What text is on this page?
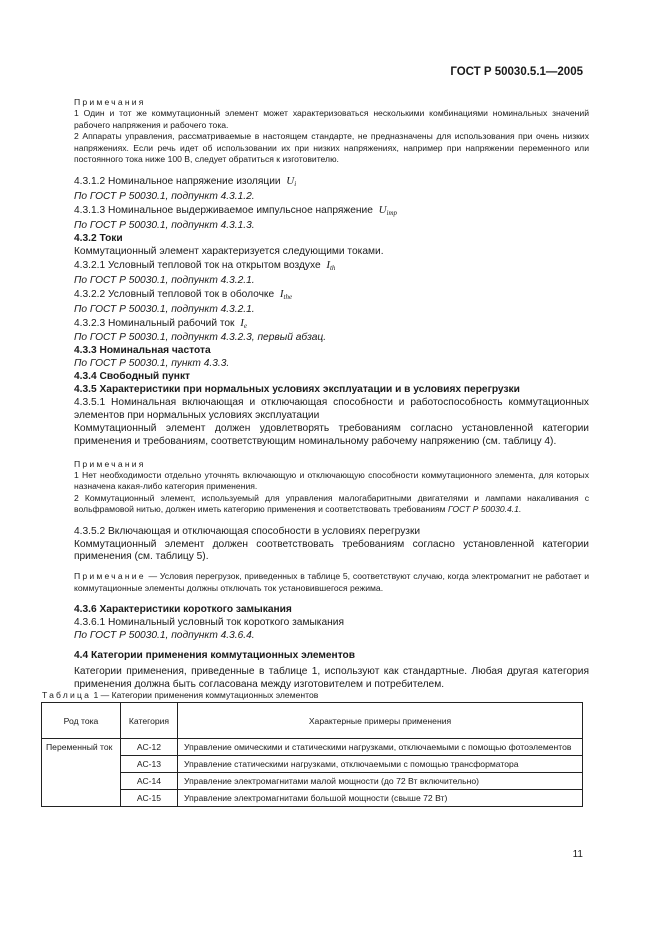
ГОСТ Р 50030.5.1—2005

Примечания

1 Один и тот же коммутационный элемент может характеризоваться несколькими комбинациями номинальных значений рабочего напряжения и рабочего тока.

2 Аппараты управления, рассматриваемые в настоящем стандарте, не предназначены для использования при очень низких напряжениях. Если речь идет об использовании их при низких напряжениях, например при напряжении переменного или постоянного тока ниже 100 В, следует обратиться к изготовителю.

4.3.1.2 Номинальное напряжение изоляции $U_i$

По ГОСТ Р 50030.1, подпункт 4.3.1.2.

4.3.1.3 Номинальное выдерживаемое импульсное напряжение $U_{imp}$

По ГОСТ Р 50030.1, подпункт 4.3.1.3.

4.3.2 Токи

Коммутационный элемент характеризуется следующими токами.

4.3.2.1 Условный тепловой ток на открытом воздухе $I_{th}$

По ГОСТ Р 50030.1, подпункт 4.3.2.1.

4.3.2.2 Условный тепловой ток в оболочке $I_{the}$

По ГОСТ Р 50030.1, подпункт 4.3.2.1.

4.3.2.3 Номинальный рабочий ток $I_e$

По ГОСТ Р 50030.1, подпункт 4.3.2.3, первый абзац.

4.3.3 Номинальная частота

По ГОСТ Р 50030.1, пункт 4.3.3.

4.3.4 Свободный пункт

4.3.5 Характеристики при нормальных условиях эксплуатации и в условиях перегрузки

4.3.5.1 Номинальная включающая и отключающая способности и работоспособность коммутационных элементов при нормальных условиях эксплуатации

Коммутационный элемент должен удовлетворять требованиям согласно установленной категории применения и требованиям, соответствующим номинальному рабочему напряжению (см. таблицу 4).

Примечания

1 Нет необходимости отдельно уточнять включающую и отключающую способности коммутационного элемента, для которых назначена какая-либо категория применения.

2 Коммутационный элемент, используемый для управления малогабаритными двигателями и лампами накаливания с вольфрамовой нитью, должен иметь категорию применения и соответствовать требованиям ГОСТ Р 50030.4.1.

4.3.5.2 Включающая и отключающая способности в условиях перегрузки

Коммутационный элемент должен соответствовать требованиям согласно установленной категории применения (см. таблицу 5).

Примечание — Условия перегрузок, приведенных в таблице 5, соответствуют случаю, когда электромагнит не работает и коммутационные элементы должны отключать ток установившегося режима.

4.3.6 Характеристики короткого замыкания

4.3.6.1 Номинальный условный ток короткого замыкания

По ГОСТ Р 50030.1, подпункт 4.3.6.4.

4.4 Категории применения коммутационных элементов

Категории применения, приведенные в таблице 1, используют как стандартные. Любая другая категория применения должна быть согласована между изготовителем и потребителем.

Таблица 1 — Категории применения коммутационных элементов
Род тока	Категория	Характерные примеры применения
Переменный ток	АС-12	Управление омическими и статическими нагрузками, отключаемыми с помощью фотоэлементов
	АС-13	Управление статическими нагрузками, отключаемыми с помощью трансформатора
	АС-14	Управление электромагнитами малой мощности (до 72 Вт включительно)
	АС-15	Управление электромагнитами большой мощности (свыше 72 Вт)
11
